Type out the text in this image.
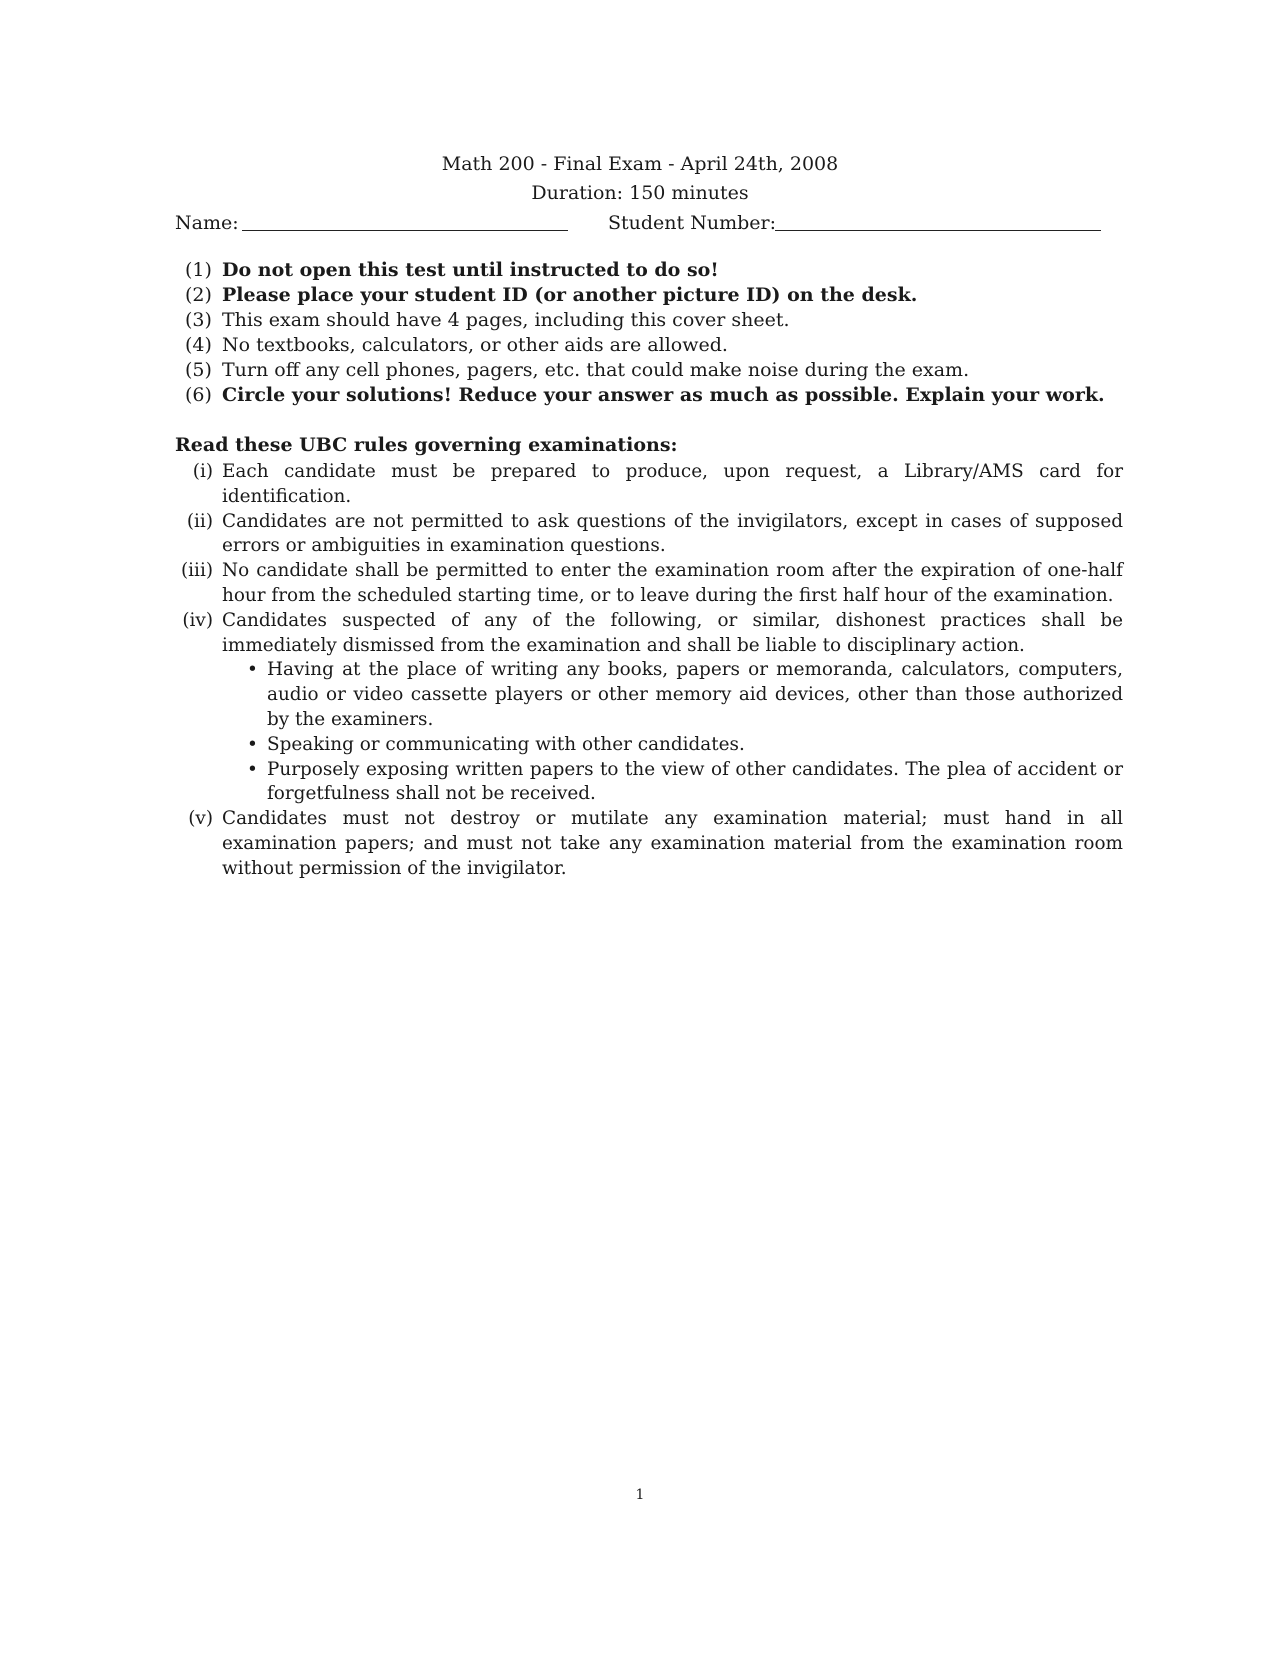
Math 200 - Final Exam - April 24th, 2008
Duration: 150 minutes
Name:	Student Number:
(1) Do not open this test until instructed to do so!
(2) Please place your student ID (or another picture ID) on the desk.
(3) This exam should have 4 pages, including this cover sheet.
(4) No textbooks, calculators, or other aids are allowed.
(5) Turn off any cell phones, pagers, etc. that could make noise during the exam.
(6) Circle your solutions! Reduce your answer as much as possible. Explain your work.
Read these UBC rules governing examinations:
(i) Each candidate must be prepared to produce, upon request, a Library/AMS card for identification.
(ii) Candidates are not permitted to ask questions of the invigilators, except in cases of supposed errors or ambiguities in examination questions.
(iii) No candidate shall be permitted to enter the examination room after the expiration of one-half hour from the scheduled starting time, or to leave during the first half hour of the examination.
(iv) Candidates suspected of any of the following, or similar, dishonest practices shall be immediately dismissed from the examination and shall be liable to disciplinary action.
• Having at the place of writing any books, papers or memoranda, calculators, computers, audio or video cassette players or other memory aid devices, other than those authorized by the examiners.
• Speaking or communicating with other candidates.
• Purposely exposing written papers to the view of other candidates. The plea of accident or forgetfulness shall not be received.
(v) Candidates must not destroy or mutilate any examination material; must hand in all examination papers; and must not take any examination material from the examination room without permission of the invigilator.
1
